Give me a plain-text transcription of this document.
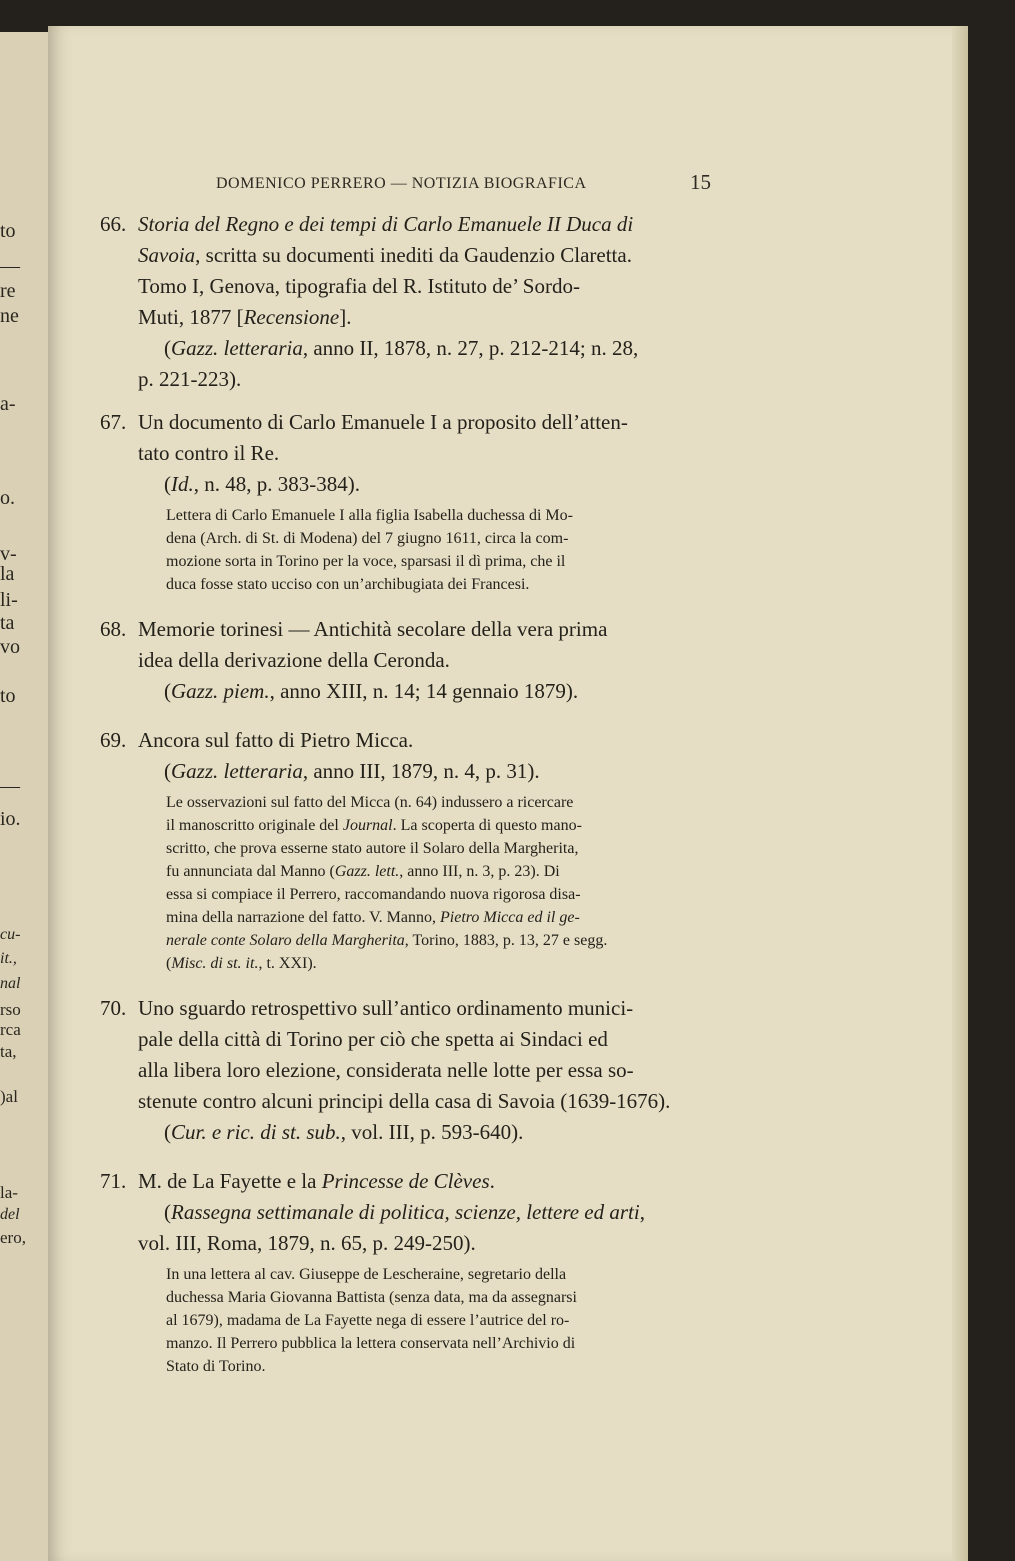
to
—
re
ne
a-
o.
v-
la
li-
ta
vo
to
—
io.
cu-
it.,
nal
rso
rca
ta,
)al
la-
del
ero,
DOMENICO PERRERO — NOTIZIA BIOGRAFICA	15
66. Storia del Regno e dei tempi di Carlo Emanuele II Duca di
Savoia, scritta su documenti inediti da Gaudenzio Claretta.
Tomo I, Genova, tipografia del R. Istituto de’ Sordo-
Muti, 1877 [Recensione].
(Gazz. letteraria, anno II, 1878, n. 27, p. 212-214; n. 28,
p. 221-223).
67. Un documento di Carlo Emanuele I a proposito dell’atten-
tato contro il Re.
(Id., n. 48, p. 383-384).
Lettera di Carlo Emanuele I alla figlia Isabella duchessa di Mo-
dena (Arch. di St. di Modena) del 7 giugno 1611, circa la com-
mozione sorta in Torino per la voce, sparsasi il dì prima, che il
duca fosse stato ucciso con un’archibugiata dei Francesi.
68. Memorie torinesi — Antichità secolare della vera prima
idea della derivazione della Ceronda.
(Gazz. piem., anno XIII, n. 14; 14 gennaio 1879).
69. Ancora sul fatto di Pietro Micca.
(Gazz. letteraria, anno III, 1879, n. 4, p. 31).
Le osservazioni sul fatto del Micca (n. 64) indussero a ricercare
il manoscritto originale del Journal. La scoperta di questo mano-
scritto, che prova esserne stato autore il Solaro della Margherita,
fu annunciata dal Manno (Gazz. lett., anno III, n. 3, p. 23). Di
essa si compiace il Perrero, raccomandando nuova rigorosa disa-
mina della narrazione del fatto. V. Manno, Pietro Micca ed il ge-
nerale conte Solaro della Margherita, Torino, 1883, p. 13, 27 e segg.
(Misc. di st. it., t. XXI).
70. Uno sguardo retrospettivo sull’antico ordinamento munici-
pale della città di Torino per ciò che spetta ai Sindaci ed
alla libera loro elezione, considerata nelle lotte per essa so-
stenute contro alcuni principi della casa di Savoia (1639-1676).
(Cur. e ric. di st. sub., vol. III, p. 593-640).
71. M. de La Fayette e la Princesse de Clèves.
(Rassegna settimanale di politica, scienze, lettere ed arti,
vol. III, Roma, 1879, n. 65, p. 249-250).
In una lettera al cav. Giuseppe de Lescheraine, segretario della
duchessa Maria Giovanna Battista (senza data, ma da assegnarsi
al 1679), madama de La Fayette nega di essere l’autrice del ro-
manzo. Il Perrero pubblica la lettera conservata nell’Archivio di
Stato di Torino.
